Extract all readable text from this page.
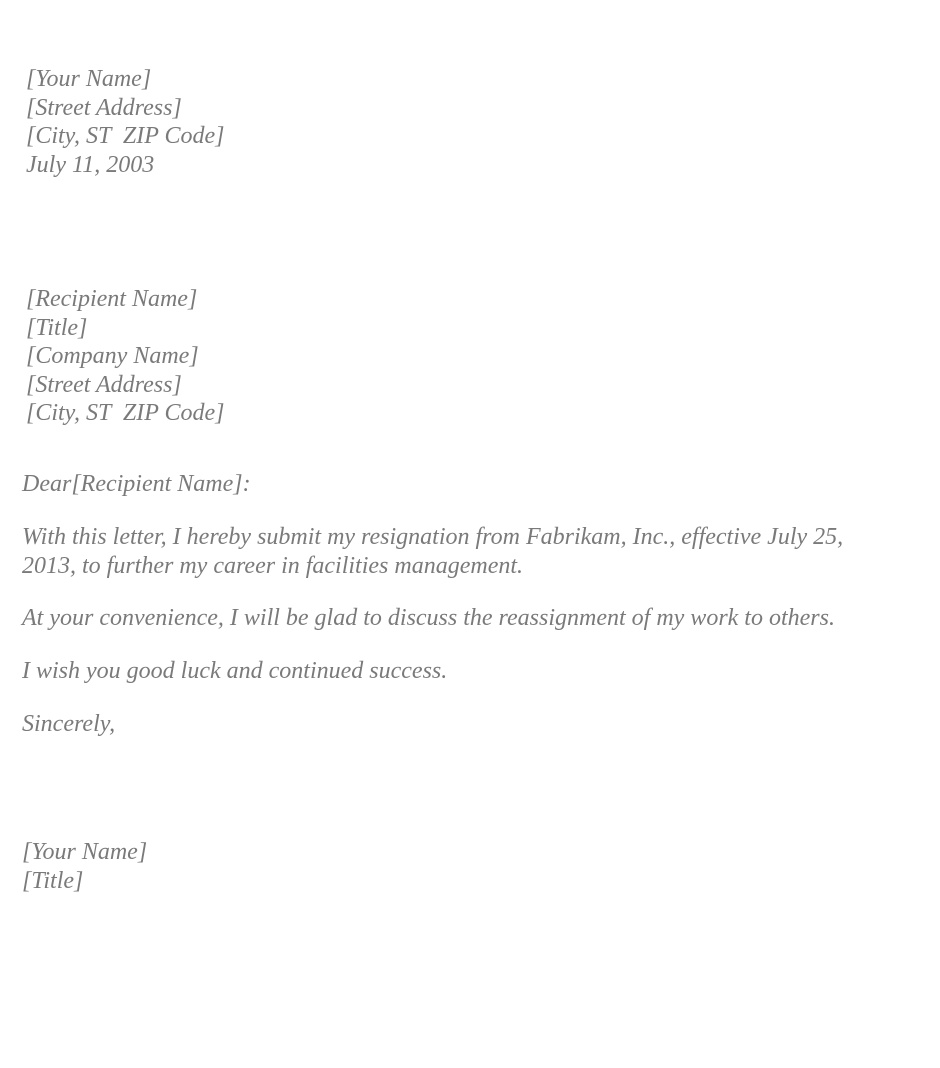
[Your Name]
[Street Address]
[City, ST  ZIP Code]
July 11, 2003
[Recipient Name]
[Title]
[Company Name]
[Street Address]
[City, ST  ZIP Code]
Dear[Recipient Name]:
With this letter, I hereby submit my resignation from Fabrikam, Inc., effective July 25,
2013, to further my career in facilities management.
At your convenience, I will be glad to discuss the reassignment of my work to others.
I wish you good luck and continued success.
Sincerely,
[Your Name]
[Title]
